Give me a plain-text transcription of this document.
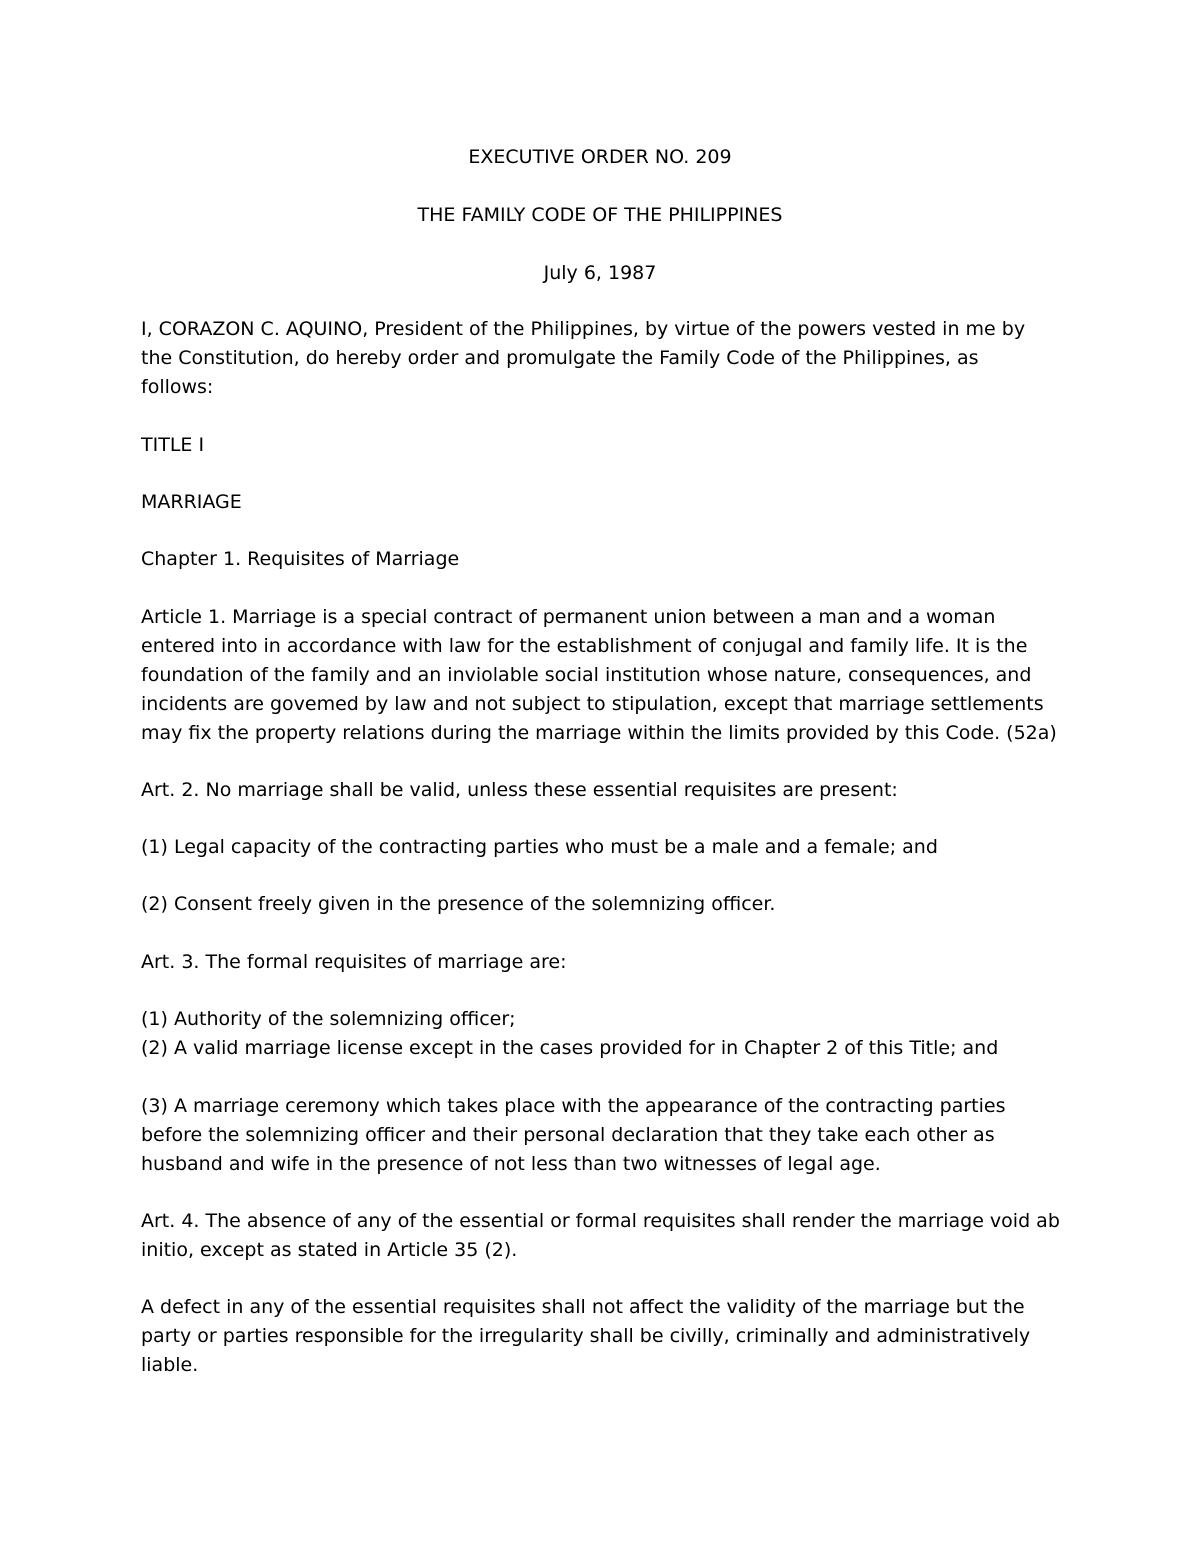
EXECUTIVE ORDER NO. 209
THE FAMILY CODE OF THE PHILIPPINES
July 6, 1987
I, CORAZON C. AQUINO, President of the Philippines, by virtue of the powers vested in me by
the Constitution, do hereby order and promulgate the Family Code of the Philippines, as
follows:
TITLE I
MARRIAGE
Chapter 1. Requisites of Marriage
Article 1. Marriage is a special contract of permanent union between a man and a woman
entered into in accordance with law for the establishment of conjugal and family life. It is the
foundation of the family and an inviolable social institution whose nature, consequences, and
incidents are govemed by law and not subject to stipulation, except that marriage settlements
may fix the property relations during the marriage within the limits provided by this Code. (52a)
Art. 2. No marriage shall be valid, unless these essential requisites are present:
(1) Legal capacity of the contracting parties who must be a male and a female; and
(2) Consent freely given in the presence of the solemnizing officer.
Art. 3. The formal requisites of marriage are:
(1) Authority of the solemnizing officer;
(2) A valid marriage license except in the cases provided for in Chapter 2 of this Title; and
(3) A marriage ceremony which takes place with the appearance of the contracting parties
before the solemnizing officer and their personal declaration that they take each other as
husband and wife in the presence of not less than two witnesses of legal age.
Art. 4. The absence of any of the essential or formal requisites shall render the marriage void ab
initio, except as stated in Article 35 (2).
A defect in any of the essential requisites shall not affect the validity of the marriage but the
party or parties responsible for the irregularity shall be civilly, criminally and administratively
liable.
